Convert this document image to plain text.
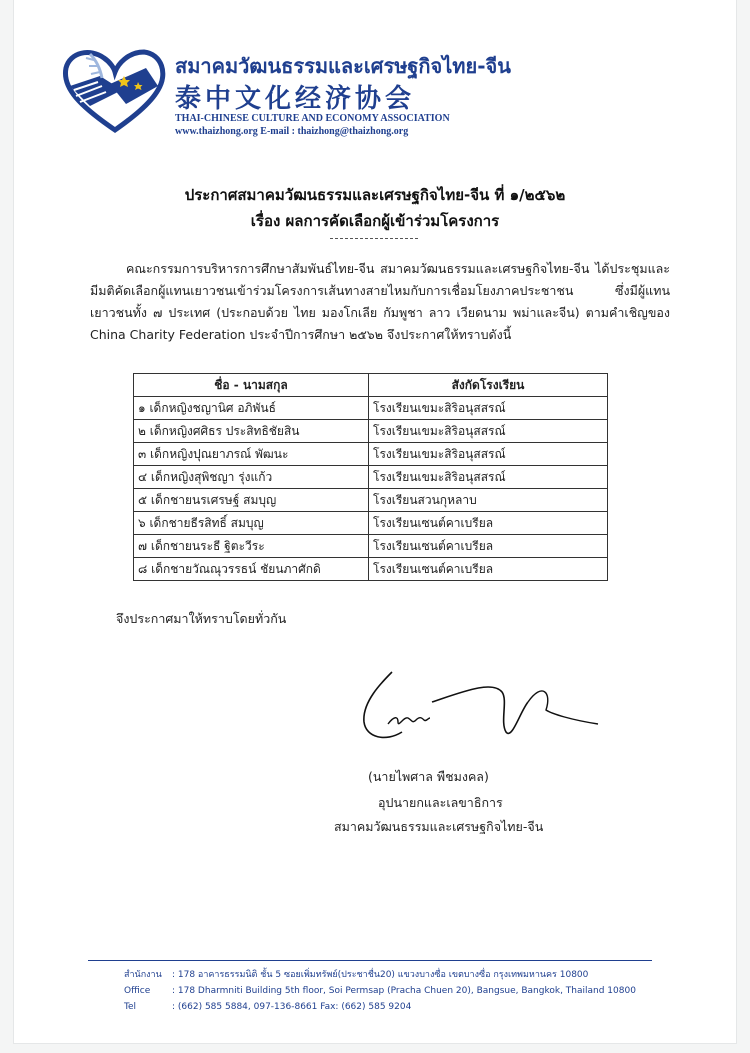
สมาคมวัฒนธรรมและเศรษฐกิจไทย-จีน
泰中文化经济协会
THAI-CHINESE CULTURE AND ECONOMY ASSOCIATION
www.thaizhong.org E-mail : thaizhong@thaizhong.org
ประกาศสมาคมวัฒนธรรมและเศรษฐกิจไทย-จีน ที่ ๑/๒๕๖๒
เรื่อง ผลการคัดเลือกผู้เข้าร่วมโครงการ
คณะกรรมการบริหารการศึกษาสัมพันธ์ไทย-จีน สมาคมวัฒนธรรมและเศรษฐกิจไทย-จีน ได้ประชุมและมีมติคัดเลือกผู้แทนเยาวชนเข้าร่วมโครงการเส้นทางสายไหมกับการเชื่อมโยงภาคประชาชน ซึ่งมีผู้แทนเยาวชนทั้ง ๗ ประเทศ (ประกอบด้วย ไทย มองโกเลีย กัมพูชา ลาว เวียดนาม พม่าและจีน) ตามคำเชิญของ China Charity Federation ประจำปีการศึกษา ๒๕๖๒ จึงประกาศให้ทราบดังนี้
ชื่อ - นามสกุล	สังกัดโรงเรียน
๑ เด็กหญิงชญานิศ อภิพันธ์	โรงเรียนเขมะสิริอนุสสรณ์
๒ เด็กหญิงศศิธร ประสิทธิชัยสิน	โรงเรียนเขมะสิริอนุสสรณ์
๓ เด็กหญิงปุณยาภรณ์ พัฒนะ	โรงเรียนเขมะสิริอนุสสรณ์
๔ เด็กหญิงสุพิชญา รุ่งแก้ว	โรงเรียนเขมะสิริอนุสสรณ์
๕ เด็กชายนรเศรษฐ์ สมบุญ	โรงเรียนสวนกุหลาบ
๖ เด็กชายธีรสิทธิ์ สมบุญ	โรงเรียนเซนต์คาเบรียล
๗ เด็กชายนระธี ฐิตะวีระ	โรงเรียนเซนต์คาเบรียล
๘ เด็กชายวัณณุวรรธน์ ชัยนภาศักดิ	โรงเรียนเซนต์คาเบรียล
จึงประกาศมาให้ทราบโดยทั่วกัน
(นายไพศาล พืชมงคล)
อุปนายกและเลขาธิการ
สมาคมวัฒนธรรมและเศรษฐกิจไทย-จีน
สำนักงาน : 178 อาคารธรรมนิติ ชั้น 5 ซอยเพิ่มทรัพย์(ประชาชื่น20) แขวงบางซื่อ เขตบางซื่อ กรุงเทพมหานคร 10800
Office : 178 Dharmniti Building 5th floor, Soi Permsap (Pracha Chuen 20), Bangsue, Bangkok, Thailand 10800
Tel	: (662) 585 5884, 097-136-8661 Fax: (662) 585 9204
